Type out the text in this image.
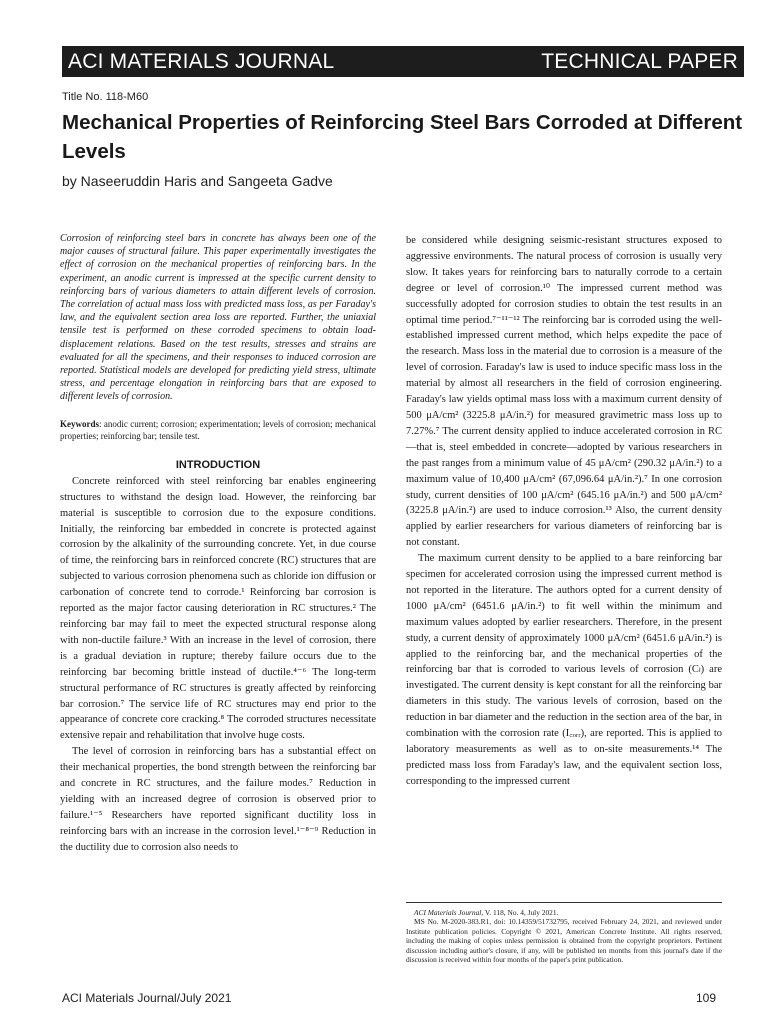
ACI MATERIALS JOURNAL	TECHNICAL PAPER
Title No. 118-M60
Mechanical Properties of Reinforcing Steel Bars Corroded at Different Levels
by Naseeruddin Haris and Sangeeta Gadve

Corrosion of reinforcing steel bars in concrete has always been one of the major causes of structural failure. This paper experimentally investigates the effect of corrosion on the mechanical properties of reinforcing bars. In the experiment, an anodic current is impressed at the specific current density to reinforcing bars of various diameters to attain different levels of corrosion. The correlation of actual mass loss with predicted mass loss, as per Faraday's law, and the equivalent section area loss are reported. Further, the uniaxial tensile test is performed on these corroded specimens to obtain load-displacement relations. Based on the test results, stresses and strains are evaluated for all the specimens, and their responses to induced corrosion are reported. Statistical models are developed for predicting yield stress, ultimate stress, and percentage elongation in reinforcing bars that are exposed to different levels of corrosion.

Keywords: anodic current; corrosion; experimentation; levels of corrosion; mechanical properties; reinforcing bar; tensile test.

INTRODUCTION

Concrete reinforced with steel reinforcing bar enables engineering structures to withstand the design load. However, the reinforcing bar material is susceptible to corrosion due to the exposure conditions. Initially, the reinforcing bar embedded in concrete is protected against corrosion by the alkalinity of the surrounding concrete. Yet, in due course of time, the reinforcing bars in reinforced concrete (RC) structures that are subjected to various corrosion phenomena such as chloride ion diffusion or carbonation of concrete tend to corrode.¹ Reinforcing bar corrosion is reported as the major factor causing deterioration in RC structures.² The reinforcing bar may fail to meet the expected structural response along with non-ductile failure.³ With an increase in the level of corrosion, there is a gradual deviation in rupture; thereby failure occurs due to the reinforcing bar becoming brittle instead of ductile.⁴⁻⁶ The long-term structural performance of RC structures is greatly affected by reinforcing bar corrosion.⁷ The service life of RC structures may end prior to the appearance of concrete core cracking.⁸ The corroded structures necessitate extensive repair and rehabilitation that involve huge costs.

The level of corrosion in reinforcing bars has a substantial effect on their mechanical properties, the bond strength between the reinforcing bar and concrete in RC structures, and the failure modes.⁷ Reduction in yielding with an increased degree of corrosion is observed prior to failure.¹⁻⁵ Researchers have reported significant ductility loss in reinforcing bars with an increase in the corrosion level.¹⁻⁸⁻⁹ Reduction in the ductility due to corrosion also needs to

be considered while designing seismic-resistant structures exposed to aggressive environments. The natural process of corrosion is usually very slow. It takes years for reinforcing bars to naturally corrode to a certain degree or level of corrosion.¹⁰ The impressed current method was successfully adopted for corrosion studies to obtain the test results in an optimal time period.⁷⁻¹¹⁻¹² The reinforcing bar is corroded using the well-established impressed current method, which helps expedite the pace of the research. Mass loss in the material due to corrosion is a measure of the level of corrosion. Faraday's law is used to induce specific mass loss in the material by almost all researchers in the field of corrosion engineering. Faraday's law yields optimal mass loss with a maximum current density of 500 μA/cm² (3225.8 μA/in.²) for measured gravimetric mass loss up to 7.27%.⁷ The current density applied to induce accelerated corrosion in RC—that is, steel embedded in concrete—adopted by various researchers in the past ranges from a minimum value of 45 μA/cm² (290.32 μA/in.²) to a maximum value of 10,400 μA/cm² (67,096.64 μA/in.²).⁷ In one corrosion study, current densities of 100 μA/cm² (645.16 μA/in.²) and 500 μA/cm² (3225.8 μA/in.²) are used to induce corrosion.¹³ Also, the current density applied by earlier researchers for various diameters of reinforcing bar is not constant.

The maximum current density to be applied to a bare reinforcing bar specimen for accelerated corrosion using the impressed current method is not reported in the literature. The authors opted for a current density of 1000 μA/cm² (6451.6 μA/in.²) to fit well within the minimum and maximum values adopted by earlier researchers. Therefore, in the present study, a current density of approximately 1000 μA/cm² (6451.6 μA/in.²) is applied to the reinforcing bar, and the mechanical properties of the reinforcing bar that is corroded to various levels of corrosion (Cₗ) are investigated. The current density is kept constant for all the reinforcing bar diameters in this study. The various levels of corrosion, based on the reduction in bar diameter and the reduction in the section area of the bar, in combination with the corrosion rate (I꜀ₒᵣᵣ), are reported. This is applied to laboratory measurements as well as to on-site measurements.¹⁴ The predicted mass loss from Faraday's law, and the equivalent section loss, corresponding to the impressed current

ACI Materials Journal, V. 118, No. 4, July 2021.
MS No. M-2020-383.R1, doi: 10.14359/51732795, received February 24, 2021, and reviewed under Institute publication policies. Copyright © 2021, American Concrete Institute. All rights reserved, including the making of copies unless permission is obtained from the copyright proprietors. Pertinent discussion including author's closure, if any, will be published ten months from this journal's date if the discussion is received within four months of the paper's print publication.
ACI Materials Journal/July 2021	109
